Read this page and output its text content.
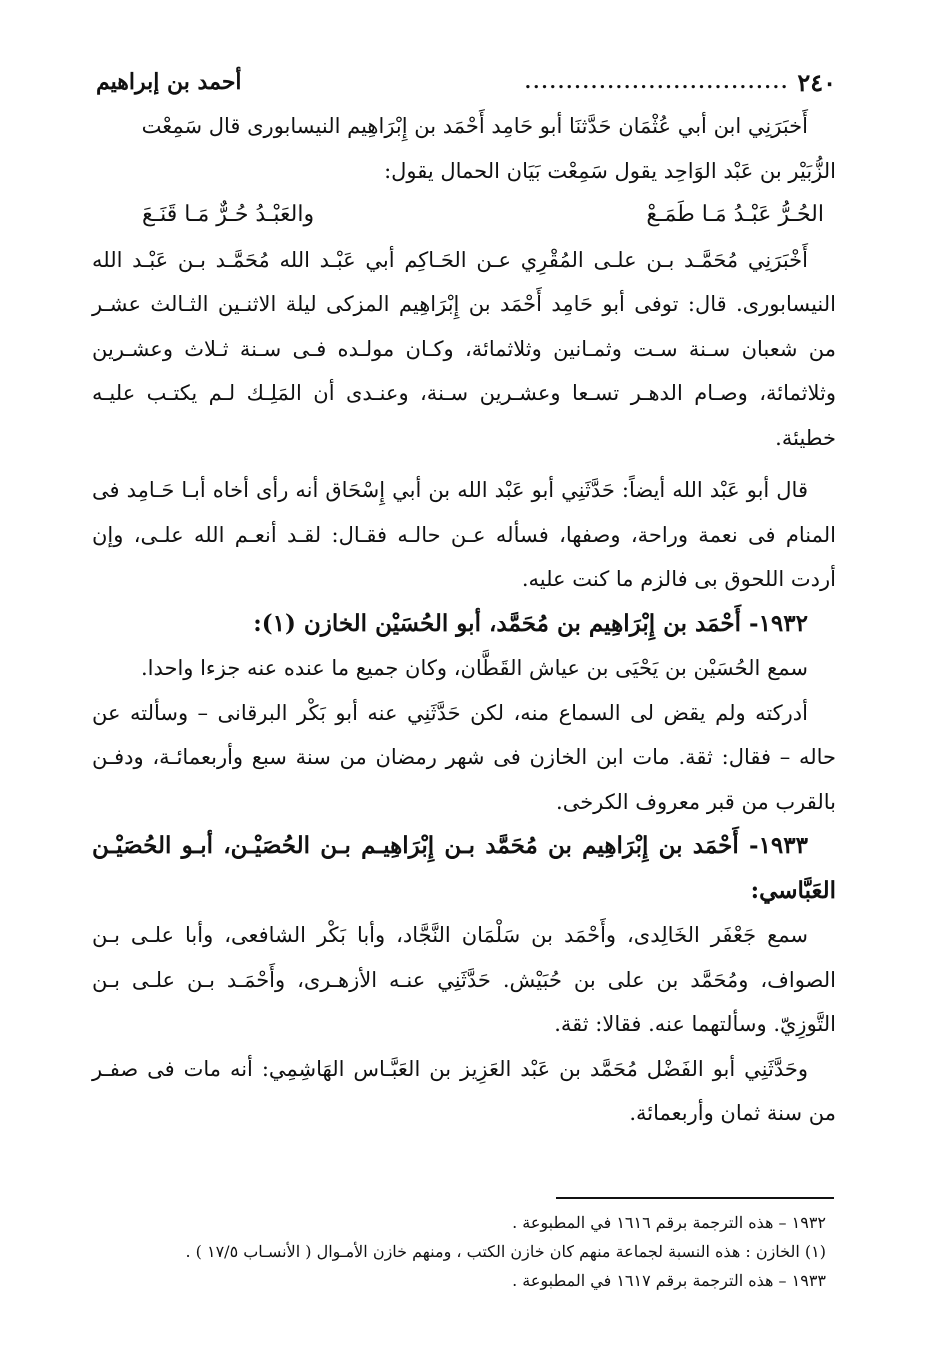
٢٤٠
................................
أحمد بن إبراهيم

أَخبَرَنِي ابن أبي عُثْمَان حَدَّثنَا أبو حَامِد أَحْمَد بن إِبْرَاهِيم النيسابورى قال سَمِعْت

الزُّبَيْر بن عَبْد الوَاحِد يقول سَمِعْت بَيَان الحمال يقول:

الحُـرُّ عَبْـدُ مَـا طَمَـعْ
والعَبْـدُ حُـرٌّ مَـا قَنَـعَ

أَخْبَرَنِي مُحَمَّـد بـن علـى المُقْرِي عـن الحَـاكِم أبي عَبْـد الله مُحَمَّـد بـن عَبْـد الله النيسابورى. قال: توفى أبو حَامِد أَحْمَد بن إِبْرَاهِيم المزكى ليلة الاثنـين الثـالث عشـر من شعبان سـنة سـت وثمـانين وثلاثمائة، وكـان مولـده فـى سـنة ثـلاث وعشـرين وثلاثمائة، وصـام الدهـر تسـعا وعشـرين سـنة، وعنـدى أن المَلِـك لـم يكتـب عليـه خطيئة.

قال أبو عَبْد الله أيضاً: حَدَّثَنِي أبو عَبْد الله بن أبي إِسْحَاق أنه رأى أخاه أبـا حَـامِد فى المنام فى نعمة وراحة، وصفها، فسأله عـن حالـه فقـال: لقـد أنعـم الله علـى، وإن أردت اللحوق بى فالزم ما كنت عليه.

١٩٣٢- أَحْمَد بن إِبْرَاهِيم بن مُحَمَّد، أبو الحُسَيْن الخازن (١):

سمع الحُسَيْن بن يَحْيَى بن عياش القَطَّان، وكان جميع ما عنده عنه جزءا واحدا.

أدركته ولم يقض لى السماع منه، لكن حَدَّثَنِي عنه أبو بَكْر البرقانى – وسألته عن حاله – فقال: ثقة. مات ابن الخازن فى شهر رمضان من سنة سبع وأربعمائـة، ودفـن بالقرب من قبر معروف الكرخى.

١٩٣٣- أَحْمَد بن إِبْرَاهِيم بن مُحَمَّد بـن إِبْرَاهِيـم بـن الحُصَيْـن، أبـو الحُصَيْـن العَبَّاسي:

سمع جَعْفَر الخَالِدى، وأَحْمَد بن سَلْمَان النَّجَّاد، وأبا بَكْر الشافعى، وأبا علـى بـن الصواف، ومُحَمَّد بن على بن حُبَيْش. حَدَّثَنِي عنـه الأزهـرى، وأَحْمَـد بـن علـى بـن التَّوزِيّ. وسألتهما عنه. فقالا: ثقة.

وحَدَّثَنِي أبو الفَضْل مُحَمَّد بن عَبْد العَزِيز بن العَبَّـاس الهَاشِمِي: أنه مات فى صفـر من سنة ثمان وأربعمائة.

١٩٣٢ – هذه الترجمة برقم ١٦١٦ في المطبوعة .

(١) الخازن : هذه النسبة لجماعة منهم كان خازن الكتب ، ومنهم خازن الأمـوال ( الأنسـاب ١٧/٥ ) .

١٩٣٣ – هذه الترجمة برقم ١٦١٧ في المطبوعة .
